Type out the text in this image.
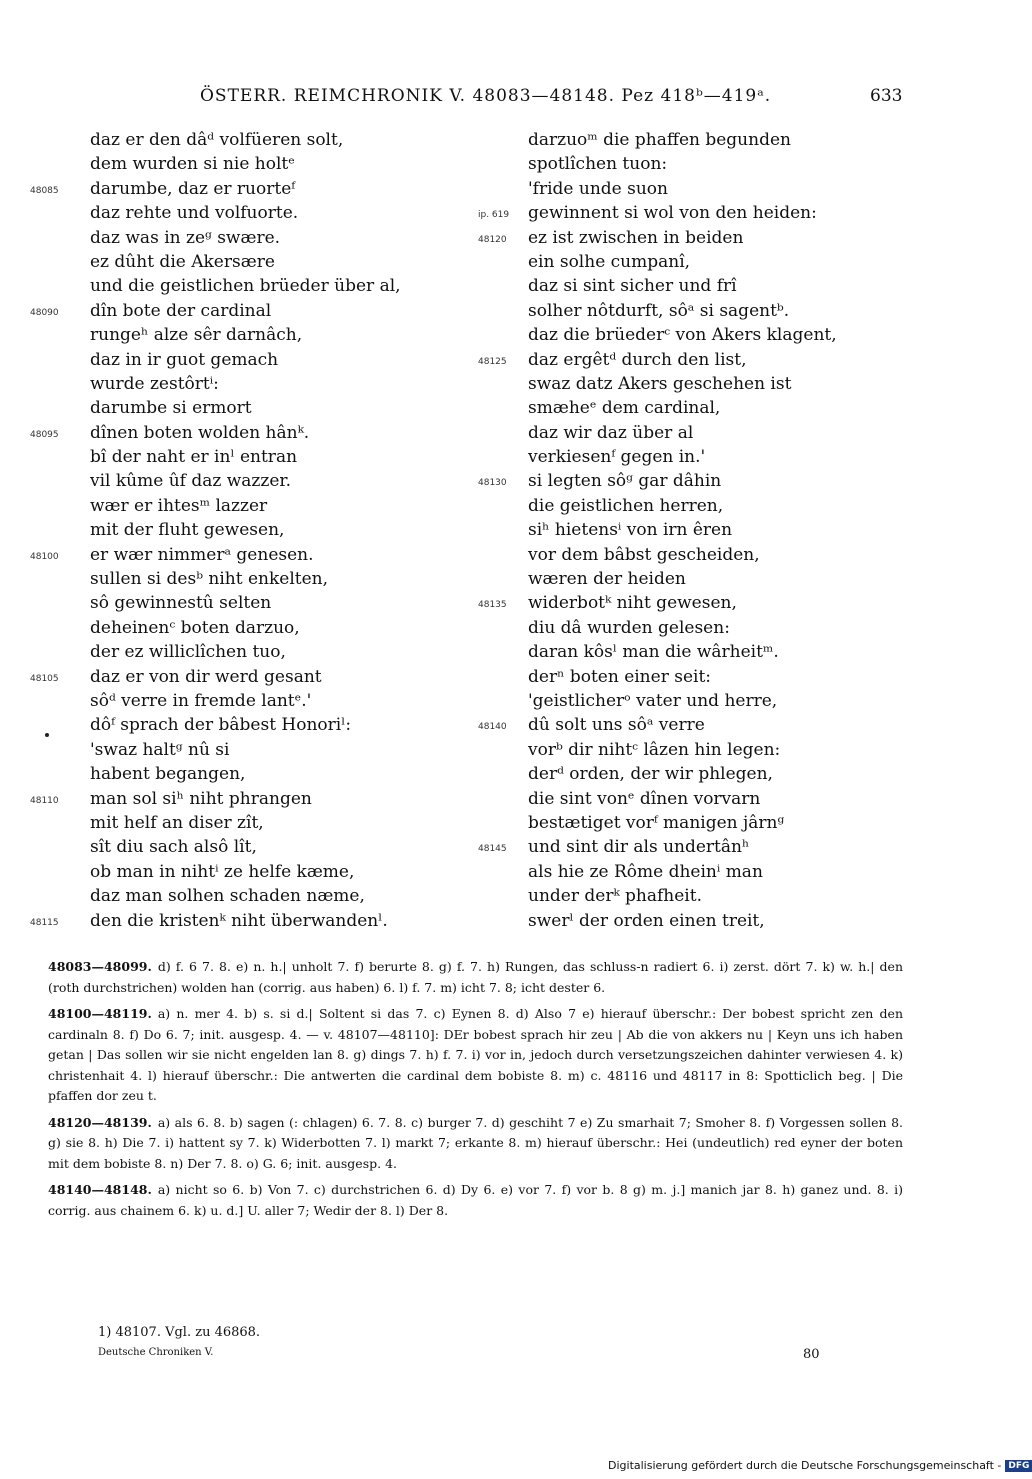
ÖSTERR. REIMCHRONIK V. 48083—48148. Pez 418ᵇ—419ᵃ.	633
daz er den dâᵈ volfüeren solt,
dem wurden si nie holtᵉ
48085 darumbe, daz er ruorteᶠ
daz rehte und volfuorte.
daz was in zeᵍ swære.
ez dûht die Akersære
und die geistlichen brüeder über al,
48090 dîn bote der cardinal
rungeʰ alze sêr darnâch,
daz in ir guot gemach
wurde zestôrtⁱ:
darumbe si ermort
48095 dînen boten wolden hânᵏ.
bî der naht er inˡ entran
vil kûme ûf daz wazzer.
wær er ihtesᵐ lazzer
mit der fluht gewesen,
48100 er wær nimmerᵃ genesen.
sullen si desᵇ niht enkelten,
sô gewinnestû selten
deheinenᶜ boten darzuo,
der ez williclîchen tuo,
48105 daz er von dir werd gesant
sôᵈ verre in fremde lantᵉ.'
dôᶠ sprach der bâbest Honoriˡ:
'swaz haltᵍ nû si
habent begangen,
48110 man sol siʰ niht phrangen
mit helf an diser zît,
sît diu sach alsô lît,
ob man in nihtⁱ ze helfe kæme,
daz man solhen schaden næme,
48115 den die kristenᵏ niht überwandenˡ.
darzuoᵐ die phaffen begunden
spotlîchen tuon:
'fride unde suon
ip. 619 gewinnent si wol von den heiden:
48120 ez ist zwischen in beiden
ein solhe cumpanî,
daz si sint sicher und frî
solher nôtdurft, sôᵃ si sagentᵇ.
daz die brüederᶜ von Akers klagent,
48125 daz ergêtᵈ durch den list,
swaz datz Akers geschehen ist
smæheᵉ dem cardinal,
daz wir daz über al
verkiesenᶠ gegen in.'
48130 si legten sôᵍ gar dâhin
die geistlichen herren,
siʰ hietensⁱ von irn êren
vor dem bâbst gescheiden,
wæren der heiden
48135 widerbotᵏ niht gewesen,
diu dâ wurden gelesen:
daran kôsˡ man die wârheitᵐ.
derⁿ boten einer seit:
'geistlicherᵒ vater und herre,
48140 dû solt uns sôᵃ verre
vorᵇ dir nihtᶜ lâzen hin legen:
derᵈ orden, der wir phlegen,
die sint vonᵉ dînen vorvarn
bestætiget vorᶠ manigen jârnᵍ
48145 und sint dir als undertânʰ
als hie ze Rôme dheinⁱ man
under derᵏ phafheit.
swerˡ der orden einen treit,
48083—48099. d) f. 6 7. 8. e) n. h.| unholt 7. f) berurte 8. g) f. 7. h) Rungen, das schluss-n radiert 6. i) zerst. dört 7. k) w. h.| den (roth durchstrichen) wolden han (corrig. aus haben) 6. l) f. 7. m) icht 7. 8; icht dester 6.
48100—48119. a) n. mer 4. b) s. si d.| Soltent si das 7. c) Eynen 8. d) Also 7 e) hierauf überschr.: Der bobest spricht zen den cardinaln 8. f) Do 6. 7; init. ausgesp. 4. — v. 48107—48110]: DEr bobest sprach hir zeu | Ab die von akkers nu | Keyn uns ich haben getan | Das sollen wir sie nicht engelden lan 8. g) dings 7. h) f. 7. i) vor in, jedoch durch versetzungszeichen dahinter verwiesen 4. k) christenhait 4. l) hierauf überschr.: Die antwerten die cardinal dem bobiste 8. m) c. 48116 und 48117 in 8: Spotticlich beg. | Die pfaffen dor zeu t.
48120—48139. a) als 6. 8. b) sagen (: chlagen) 6. 7. 8. c) burger 7. d) geschiht 7 e) Zu smarhait 7; Smoher 8. f) Vorgessen sollen 8. g) sie 8. h) Die 7. i) hattent sy 7. k) Widerbotten 7. l) markt 7; erkante 8. m) hierauf überschr.: Hei (undeutlich) red eyner der boten mit dem bobiste 8. n) Der 7. 8. o) G. 6; init. ausgesp. 4.
48140—48148. a) nicht so 6. b) Von 7. c) durchstrichen 6. d) Dy 6. e) vor 7. f) vor b. 8 g) m. j.] manich jar 8. h) ganez und. 8. i) corrig. aus chainem 6. k) u. d.] U. aller 7; Wedir der 8. l) Der 8.
1) 48107. Vgl. zu 46868.
Deutsche Chroniken V.	80
Digitalisierung gefördert durch die Deutsche Forschungsgemeinschaft - DFG
